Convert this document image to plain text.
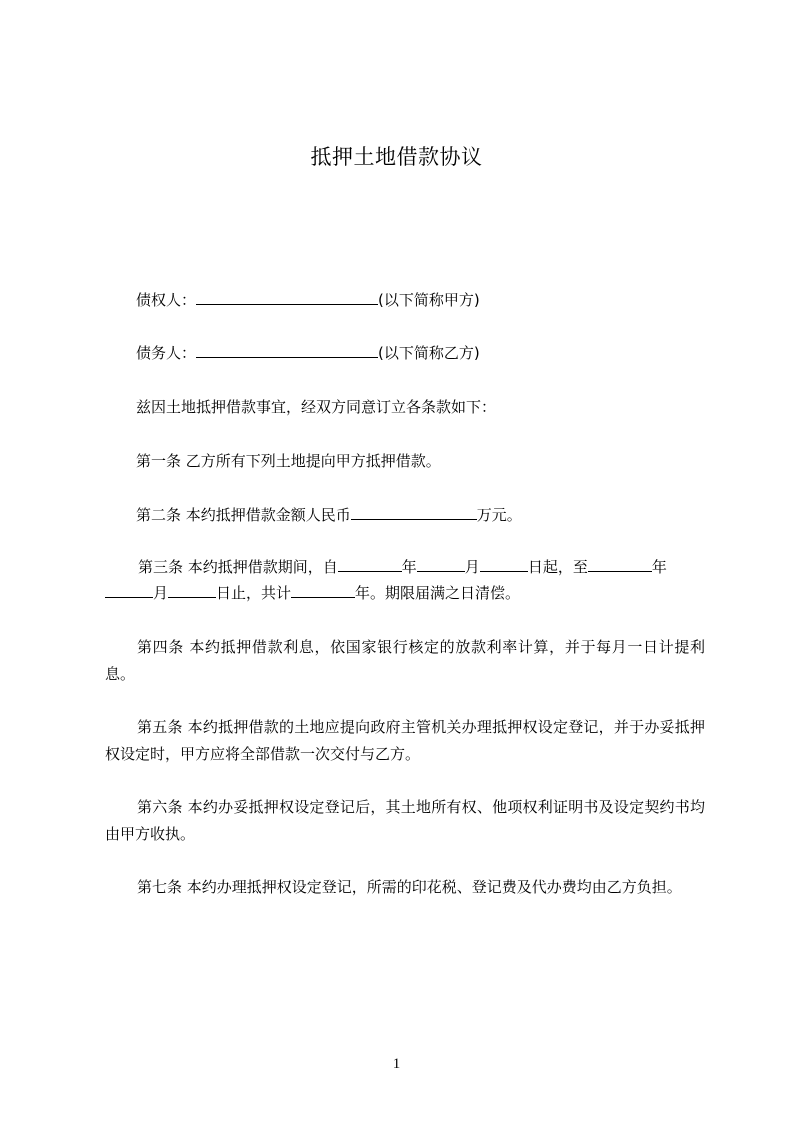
抵押土地借款协议
债权人：	(以下简称甲方)
债务人：	(以下简称乙方)
兹因土地抵押借款事宜，经双方同意订立各条款如下：
第一条 乙方所有下列土地提向甲方抵押借款。
第二条 本约抵押借款金额人民币	万元。
第三条 本约抵押借款期间，自	年	月	日起，至	年
月	日止，共计	年。期限届满之日清偿。
第四条 本约抵押借款利息，依国家银行核定的放款利率计算，并于每月一日计提利息。
第五条 本约抵押借款的土地应提向政府主管机关办理抵押权设定登记，并于办妥抵押权设定时，甲方应将全部借款一次交付与乙方。
第六条 本约办妥抵押权设定登记后，其土地所有权、他项权利证明书及设定契约书均由甲方收执。
第七条 本约办理抵押权设定登记，所需的印花税、登记费及代办费均由乙方负担。
1
